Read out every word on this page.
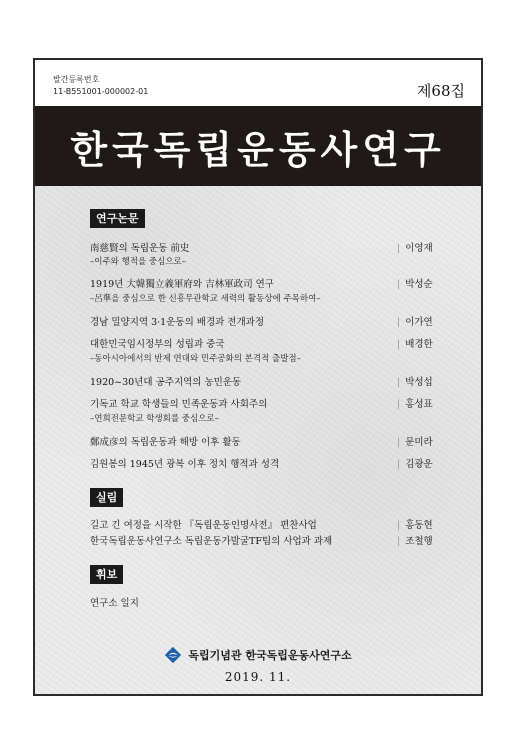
발간등록번호
11-B551001-000002-01	제68집
한국독립운동사연구
연구논문
南慈賢의 독립운동 前史	| 이영재
–이주와 행적을 중심으로–
1919년 大韓獨立義軍府와 吉林軍政司 연구	| 박성순
–呂準을 중심으로 한 신흥무관학교 세력의 활동상에 주목하여–
경남 밀양지역 3·1운동의 배경과 전개과정	| 이가연
대한민국임시정부의 성립과 중국	| 배경한
–동아시아에서의 반제 연대와 민주공화의 본격적 출발점–
1920~30년대 공주지역의 농민운동	| 박성섭
기독교 학교 학생들의 민족운동과 사회주의	| 홍성표
–연희전문학교 학생회를 중심으로–
鄭成彦의 독립운동과 해방 이후 활동	| 문미라
김원봉의 1945년 광복 이후 정치 행적과 성격	| 김광운
실림
길고 긴 여정을 시작한 『독립운동인명사전』 편찬사업	| 홍동현
한국독립운동사연구소 독립운동가발굴TF팀의 사업과 과제	| 조철행
휘보
연구소 일지
독립기념관 한국독립운동사연구소
2019. 11.
